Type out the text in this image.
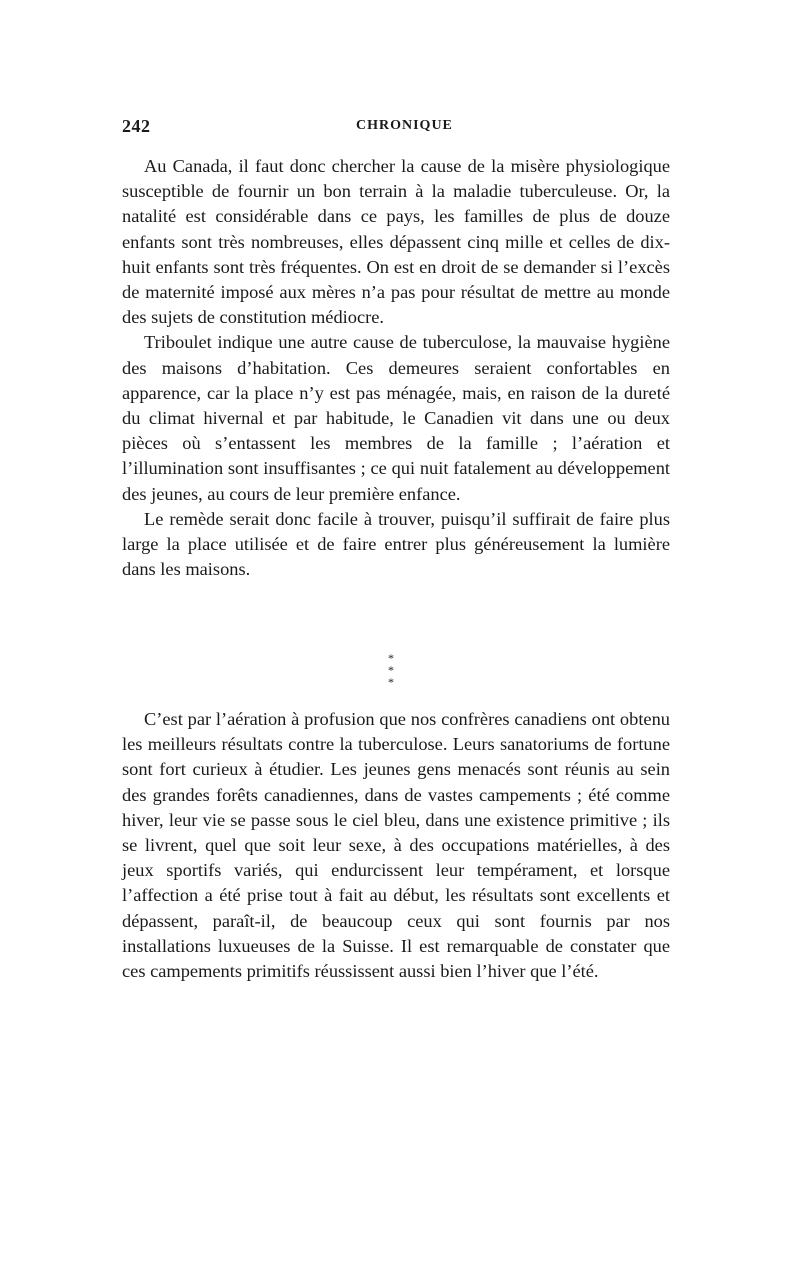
242	CHRONIQUE

Au Canada, il faut donc chercher la cause de la misère physiologique susceptible de fournir un bon terrain à la maladie tuberculeuse. Or, la natalité est considérable dans ce pays, les familles de plus de douze enfants sont très nombreuses, elles dépassent cinq mille et celles de dix-huit enfants sont très fréquentes. On est en droit de se demander si l’excès de maternité imposé aux mères n’a pas pour résultat de mettre au monde des sujets de constitution médiocre.

Triboulet indique une autre cause de tuberculose, la mauvaise hygiène des maisons d’habitation. Ces demeures seraient confortables en apparence, car la place n’y est pas ménagée, mais, en raison de la dureté du climat hivernal et par habitude, le Canadien vit dans une ou deux pièces où s’entassent les membres de la famille ; l’aération et l’illumination sont insuffisantes ; ce qui nuit fatalement au développement des jeunes, au cours de leur première enfance.

Le remède serait donc facile à trouver, puisqu’il suffirait de faire plus large la place utilisée et de faire entrer plus généreusement la lumière dans les maisons.

*
* *

C’est par l’aération à profusion que nos confrères canadiens ont obtenu les meilleurs résultats contre la tuberculose. Leurs sanatoriums de fortune sont fort curieux à étudier. Les jeunes gens menacés sont réunis au sein des grandes forêts canadiennes, dans de vastes campements ; été comme hiver, leur vie se passe sous le ciel bleu, dans une existence primitive ; ils se livrent, quel que soit leur sexe, à des occupations matérielles, à des jeux sportifs variés, qui endurcissent leur tempérament, et lorsque l’affection a été prise tout à fait au début, les résultats sont excellents et dépassent, paraît-il, de beaucoup ceux qui sont fournis par nos installations luxueuses de la Suisse. Il est remarquable de constater que ces campements primitifs réussissent aussi bien l’hiver que l’été.
